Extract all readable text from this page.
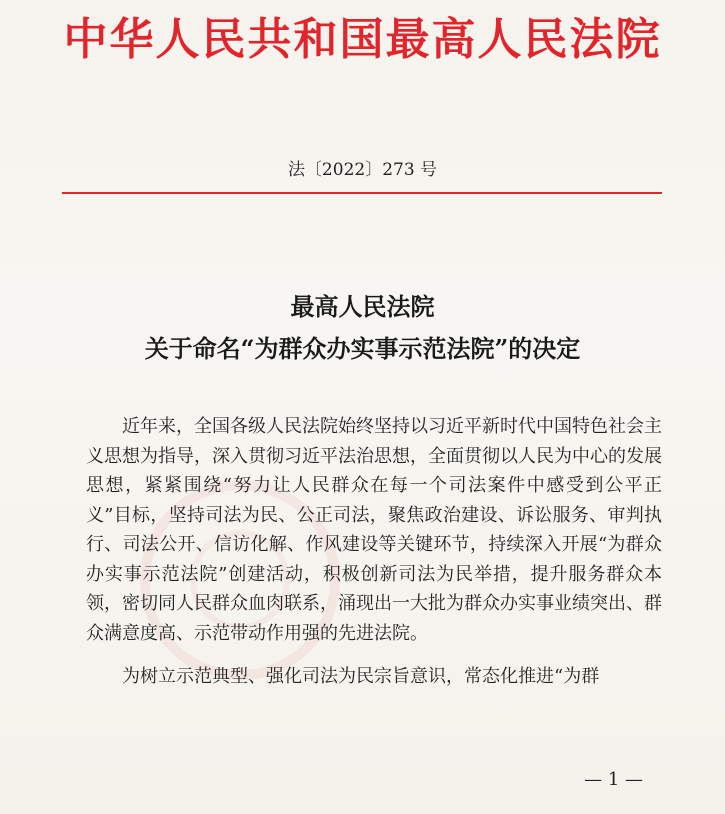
中华人民共和国最高人民法院
法〔2022〕273 号
最高人民法院
关于命名“为群众办实事示范法院”的决定

近年来，全国各级人民法院始终坚持以习近平新时代中国特色社会主义思想为指导，深入贯彻习近平法治思想，全面贯彻以人民为中心的发展思想，紧紧围绕“努力让人民群众在每一个司法案件中感受到公平正义”目标，坚持司法为民、公正司法，聚焦政治建设、诉讼服务、审判执行、司法公开、信访化解、作风建设等关键环节，持续深入开展“为群众办实事示范法院”创建活动，积极创新司法为民举措，提升服务群众本领，密切同人民群众血肉联系，涌现出一大批为群众办实事业绩突出、群众满意度高、示范带动作用强的先进法院。

为树立示范典型、强化司法为民宗旨意识，常态化推进“为群

— 1 —
